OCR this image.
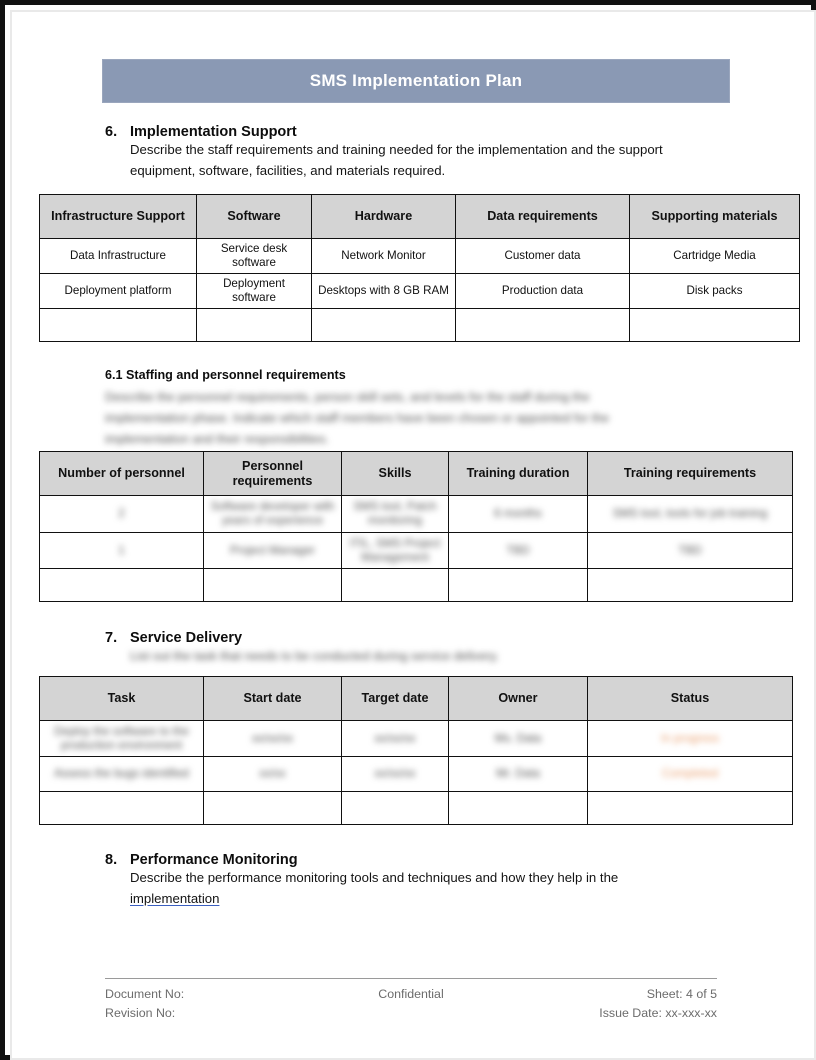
SMS Implementation Plan
6. Implementation Support
Describe the staff requirements and training needed for the implementation and the support equipment, software, facilities, and materials required.
Infrastructure Support	Software	Hardware	Data requirements	Supporting materials
Data Infrastructure	Service desk software	Network Monitor	Customer data	Cartridge Media
Deployment platform	Deployment software	Desktops with 8 GB RAM	Production data	Disk packs

6.1 Staffing and personnel requirements
Describe the personnel requirements, person skill sets, and levels for the staff during the
implementation phase. Indicate which staff members have been chosen or appointed for the
implementation and their responsibilities.
Number of personnel	Personnel requirements	Skills	Training duration	Training requirements
2	Software developer with years of experience	SMS tool, Patch monitoring	6 months	SMS tool, tools for job training
1	Project Manager	ITIL, SMS Project Management	TBD	TBD

7. Service Delivery
List out the task that needs to be conducted during service delivery.
Task	Start date	Target date	Owner	Status
Deploy the software to the production environment	xx/xx/xx	xx/xx/xx	Ms. Data	In progress
Assess the bugs identified	xx/xx	xx/xx/xx	Mr. Data	Completed

8. Performance Monitoring
Describe the performance monitoring tools and techniques and how they help in the implementation
Document No:	Confidential	Sheet: 4 of 5
Revision No:	Issue Date: xx-xxx-xx
